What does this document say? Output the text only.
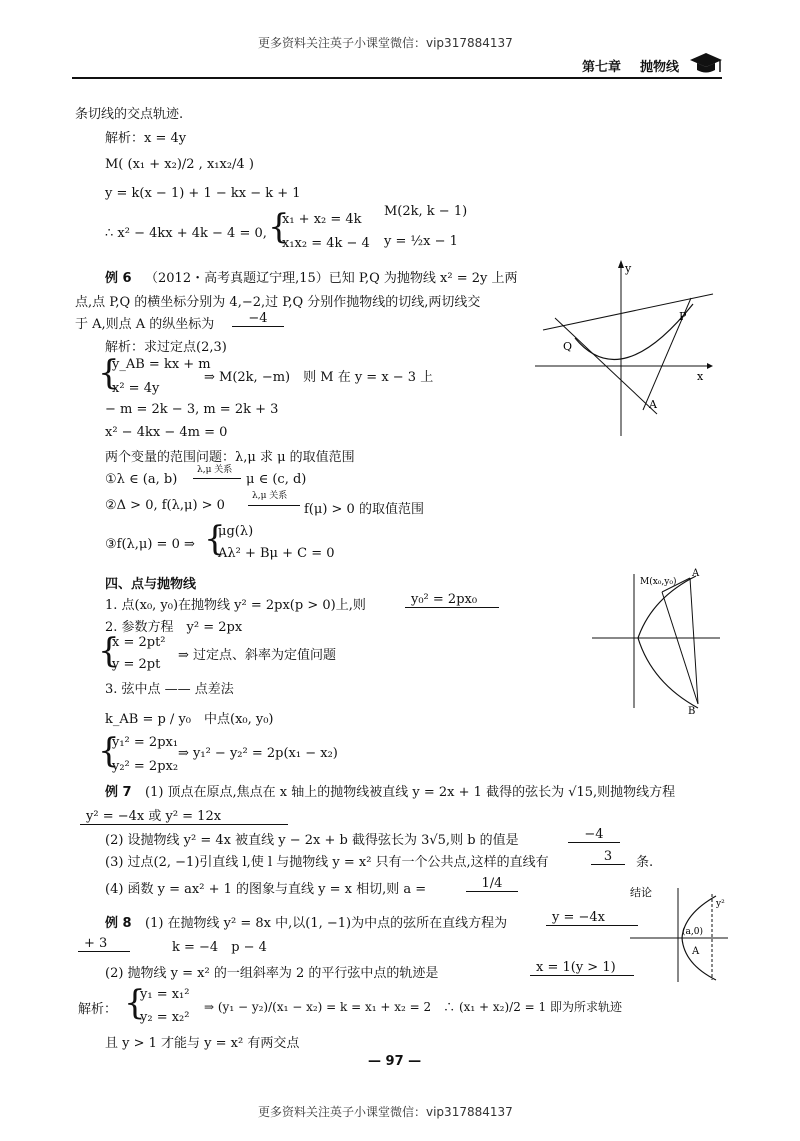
更多资料关注英子小课堂微信：vip317884137
第七章 抛物线
条切线的交点轨迹.
解析：x = 4y
M( (x₁ + x₂)/2 , x₁x₂/4 )
y = k(x − 1) + 1 − kx − k + 1
∴ x² − 4kx + 4k − 4 = 0, {
x₁ + x₂ = 4k
x₁x₂ = 4k − 4
M(2k, k − 1)
y = ½x − 1
例 6 （2012・高考真题辽宁理,15）已知 P,Q 为抛物线 x² = 2y 上两
点,点 P,Q 的横坐标分别为 4,−2,过 P,Q 分别作抛物线的切线,两切线交
于 A,则点 A 的纵坐标为	−4
解析：求过定点(2,3)
{
y_AB = kx + m
x² = 4y
⇒ M(2k, −m)　则 M 在 y = x − 3 上
− m = 2k − 3, m = 2k + 3
x² − 4kx − 4m = 0
两个变量的范围问题：λ,μ 求 μ 的取值范围
①λ ∈ (a, b)
λ,μ 关系
μ ∈ (c, d)
②Δ > 0, f(λ,μ) > 0
λ,μ 关系
f(μ) > 0 的取值范围
③f(λ,μ) = 0 ⇒ {
μg(λ)
Aλ² + Bμ + C = 0
四、点与抛物线
1. 点(x₀, y₀)在抛物线 y² = 2px(p > 0)上,则	y₀² = 2px₀
2. 参数方程　y² = 2px
{
x = 2pt²
y = 2pt
⇒ 过定点、斜率为定值问题
3. 弦中点 —— 点差法
k_AB = p / y₀　中点(x₀, y₀)
{
y₁² = 2px₁
y₂² = 2px₂
⇒ y₁² − y₂² = 2p(x₁ − x₂)
例 7 (1) 顶点在原点,焦点在 x 轴上的抛物线被直线 y = 2x + 1 截得的弦长为 √15,则抛物线方程
y² = −4x 或 y² = 12x
(2) 设抛物线 y² = 4x 被直线 y − 2x + b 截得弦长为 3√5,则 b 的值是	−4
(3) 过点(2, −1)引直线 l,使 l 与抛物线 y = x² 只有一个公共点,这样的直线有	3	条.
(4) 函数 y = ax² + 1 的图象与直线 y = x 相切,则 a =	1/4
例 8 (1) 在抛物线 y² = 8x 中,以(1, −1)为中点的弦所在直线方程为	y = −4x
+ 3	k = −4　p − 4
(2) 抛物线 y = x² 的一组斜率为 2 的平行弦中点的轨迹是	x = 1(y > 1)
解析： {
y₁ = x₁²
y₂ = x₂²
⇒ (y₁ − y₂)/(x₁ − x₂) = k = x₁ + x₂ = 2　∴ (x₁ + x₂)/2 = 1 即为所求轨迹
且 y > 1 才能与 y = x² 有两交点
— 97 —
更多资料关注英子小课堂微信：vip317884137
y
x
P
Q
A
M(x₀,y₀)
A
B
结论
y²
(a,0)
A
